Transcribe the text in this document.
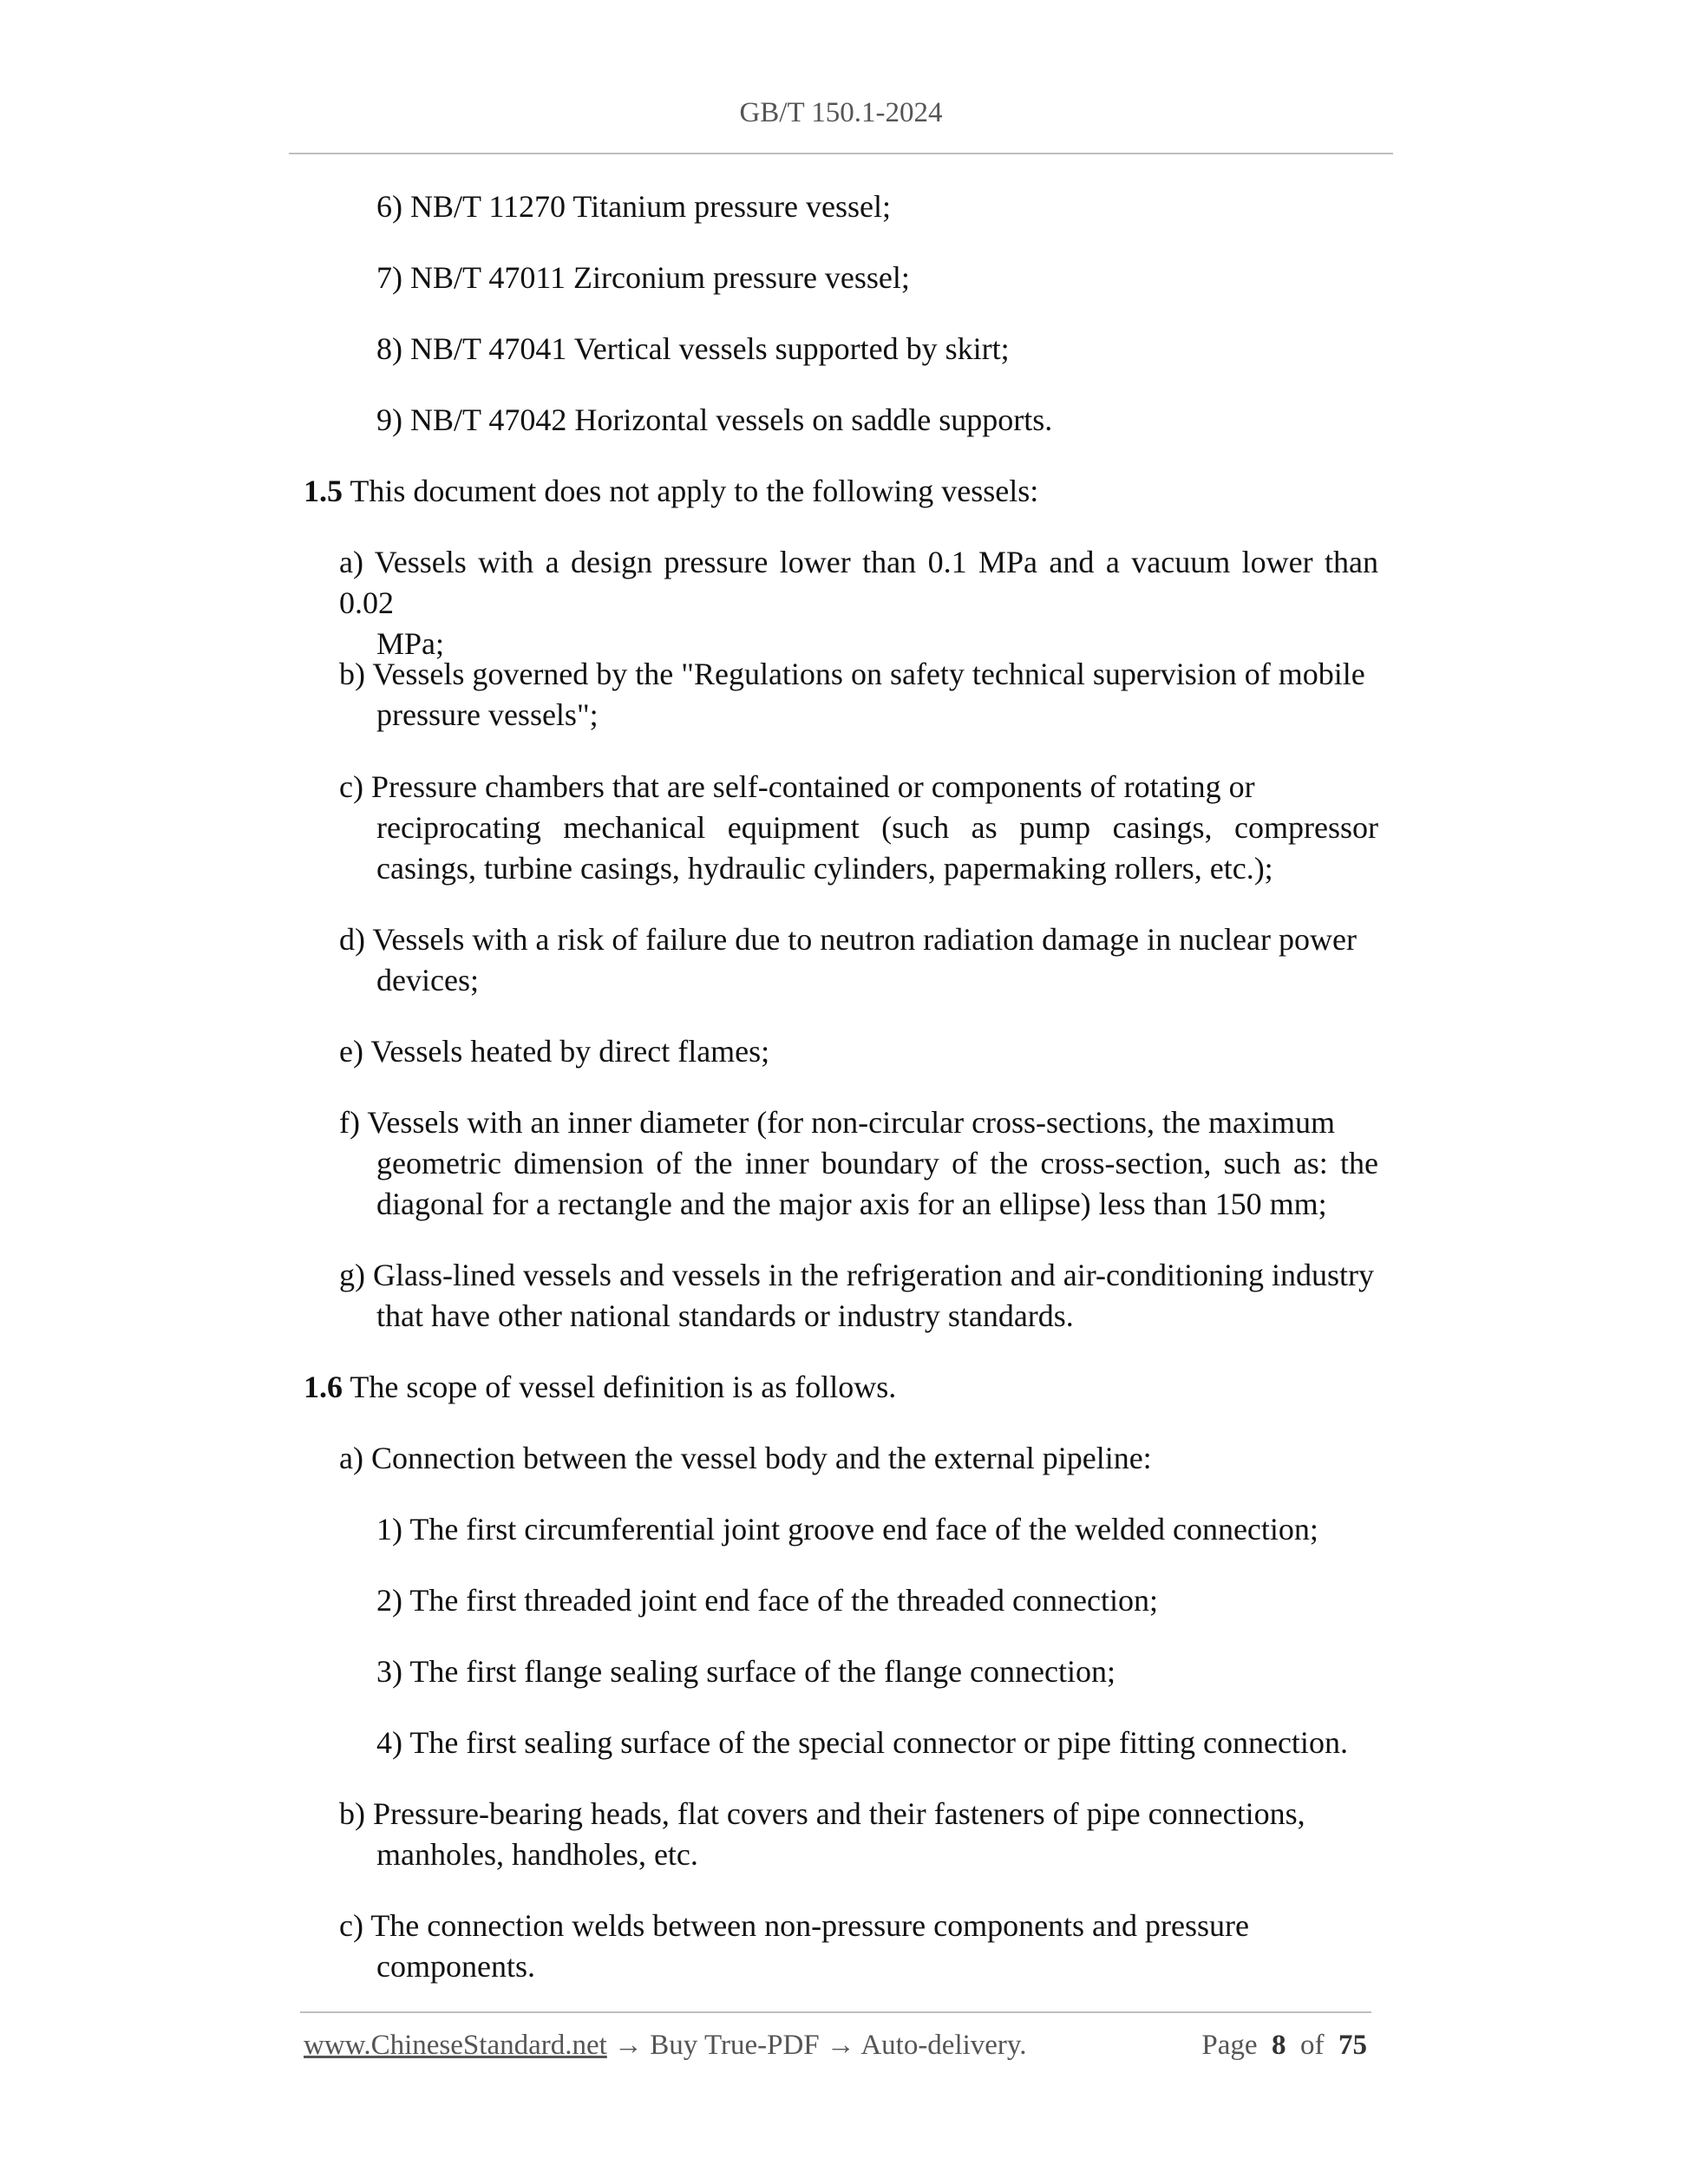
GB/T 150.1-2024
6) NB/T 11270 Titanium pressure vessel;
7) NB/T 47011 Zirconium pressure vessel;
8) NB/T 47041 Vertical vessels supported by skirt;
9) NB/T 47042 Horizontal vessels on saddle supports.
1.5 This document does not apply to the following vessels:
a) Vessels with a design pressure lower than 0.1 MPa and a vacuum lower than 0.02
MPa;
b) Vessels governed by the "Regulations on safety technical supervision of mobile
pressure vessels";
c) Pressure chambers that are self-contained or components of rotating or
reciprocating mechanical equipment (such as pump casings, compressor casings, turbine casings, hydraulic cylinders, papermaking rollers, etc.);
d) Vessels with a risk of failure due to neutron radiation damage in nuclear power
devices;
e) Vessels heated by direct flames;
f) Vessels with an inner diameter (for non-circular cross-sections, the maximum
geometric dimension of the inner boundary of the cross-section, such as: the diagonal for a rectangle and the major axis for an ellipse) less than 150 mm;
g) Glass-lined vessels and vessels in the refrigeration and air-conditioning industry
that have other national standards or industry standards.
1.6 The scope of vessel definition is as follows.
a) Connection between the vessel body and the external pipeline:
1) The first circumferential joint groove end face of the welded connection;
2) The first threaded joint end face of the threaded connection;
3) The first flange sealing surface of the flange connection;
4) The first sealing surface of the special connector or pipe fitting connection.
b) Pressure-bearing heads, flat covers and their fasteners of pipe connections,
manholes, handholes, etc.
c) The connection welds between non-pressure components and pressure
components.
www.ChineseStandard.net → Buy True-PDF → Auto-delivery.	Page 8 of 75
